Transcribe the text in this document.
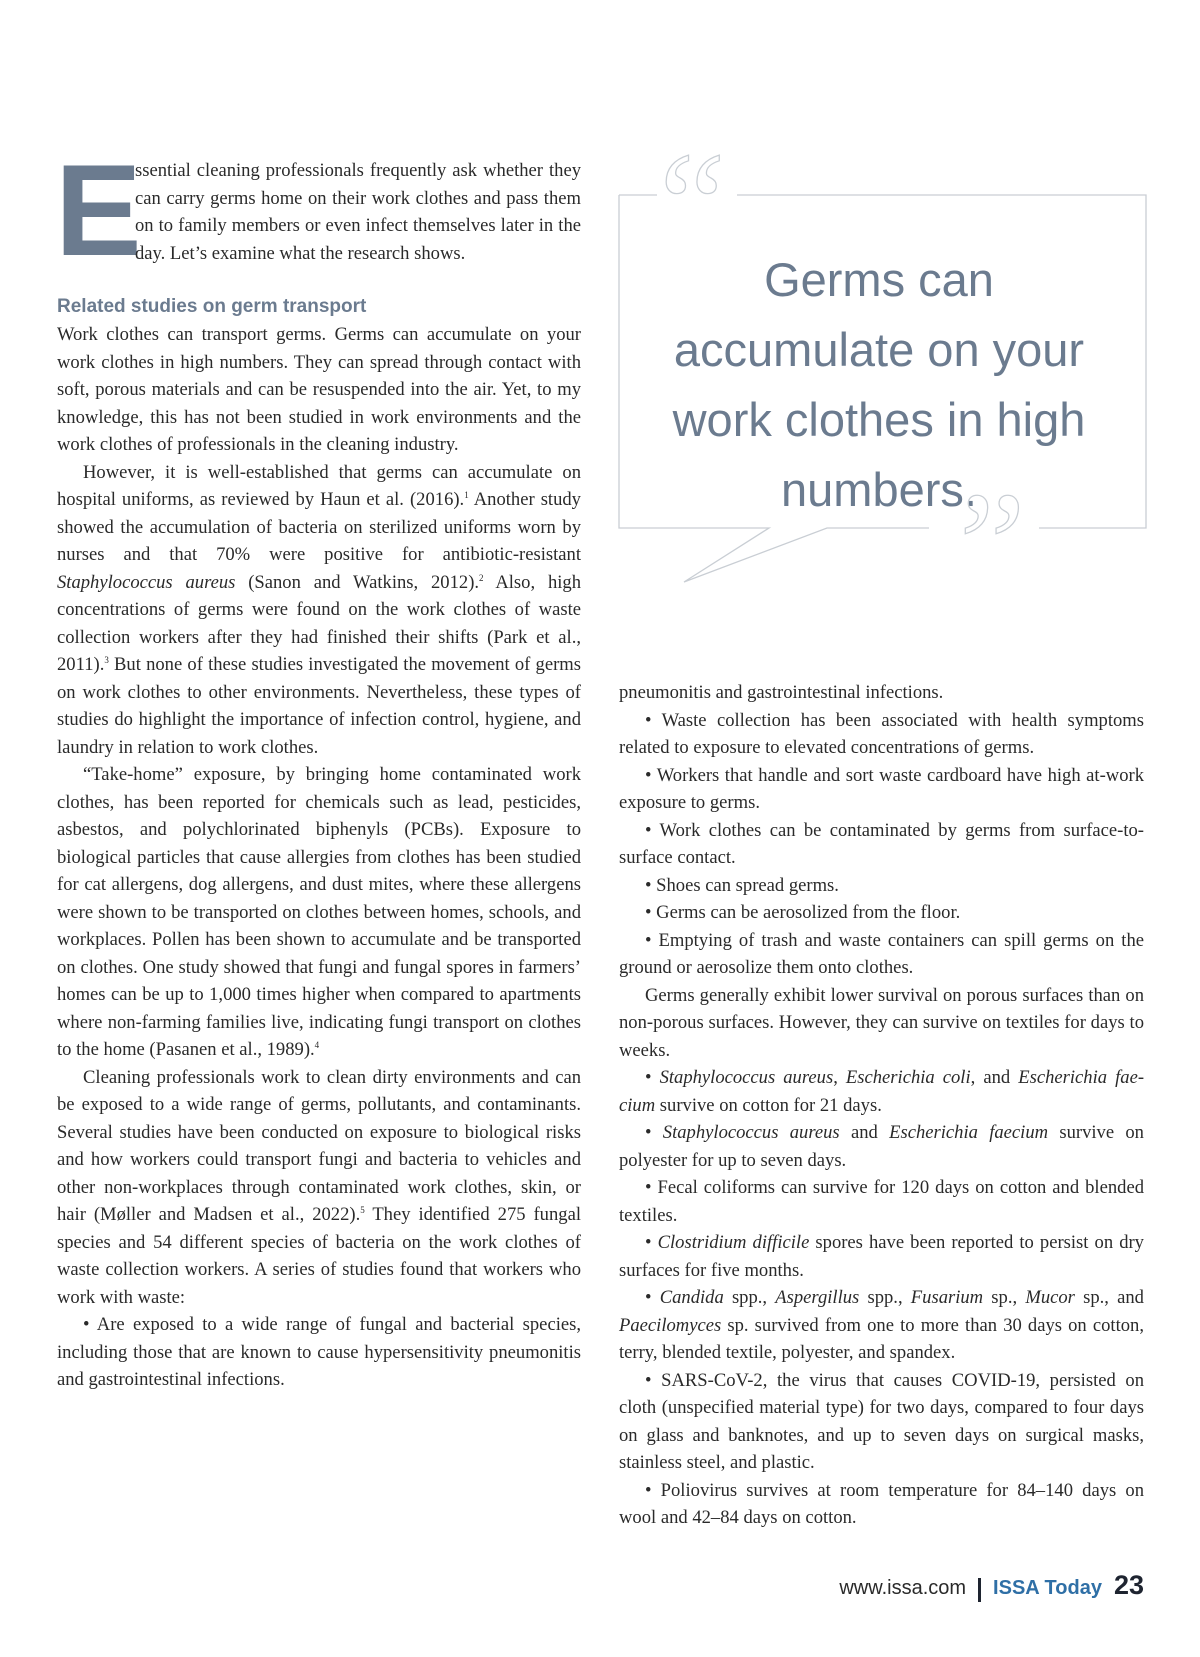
E

ssential cleaning professionals frequently ask whether they can carry germs home on their work clothes and pass them on to family members or even infect themselves later in the day. Let’s examine what the research shows.

Related studies on germ transport

Work clothes can transport germs. Germs can accumulate on your work clothes in high numbers. They can spread through contact with soft, porous materials and can be resuspended into the air. Yet, to my knowledge, this has not been studied in work environments and the work clothes of professionals in the cleaning industry.

However, it is well-established that germs can accumulate on hospital uniforms, as reviewed by Haun et al. (2016).$^1$ Another study showed the accumulation of bacteria on sterilized uniforms worn by nurses and that 70% were positive for antibiotic-resistant Staphylococcus aureus (Sanon and Watkins, 2012).$^2$ Also, high concentrations of germs were found on the work clothes of waste collection workers after they had finished their shifts (Park et al., 2011).$^3$ But none of these studies investigated the movement of germs on work clothes to other environments. Nevertheless, these types of studies do highlight the importance of infection control, hygiene, and laundry in relation to work clothes.

“Take-home” exposure, by bringing home contaminated work clothes, has been reported for chemicals such as lead, pesticides, asbestos, and polychlorinated biphenyls (PCBs). Exposure to biological particles that cause allergies from clothes has been studied for cat allergens, dog allergens, and dust mites, where these allergens were shown to be transported on clothes between homes, schools, and workplaces. Pollen has been shown to accumulate and be transported on clothes. One study showed that fungi and fungal spores in farmers’ homes can be up to 1,000 times higher when compared to apartments where non-farming families live, indicating fungi transport on clothes to the home (Pasanen et al., 1989).$^4$

Cleaning professionals work to clean dirty environments and can be exposed to a wide range of germs, pollutants, and contaminants. Several studies have been conducted on exposure to biological risks and how workers could transport fungi and bacteria to vehicles and other non-workplaces through contaminated work clothes, skin, or hair (Møller and Madsen et al., 2022).$^5$ They identified 275 fungal species and 54 different species of bacteria on the work clothes of waste collection workers. A series of studies found that workers who work with waste:

• Are exposed to a wide range of fungal and bacterial species, including those that are known to cause hypersensitivity pneumonitis and gastrointestinal infections.

“ Germs can accumulate on your work clothes in high numbers.
”

pneumonitis and gastrointestinal infections.

• Waste collection has been associated with health symptoms related to exposure to elevated concentrations of germs.

• Workers that handle and sort waste cardboard have high at-work exposure to germs.

• Work clothes can be contaminated by germs from surface-to-surface contact.

• Shoes can spread germs.

• Germs can be aerosolized from the floor.

• Emptying of trash and waste containers can spill germs on the ground or aerosolize them onto clothes.

Germs generally exhibit lower survival on porous surfaces than on non-porous surfaces. However, they can survive on textiles for days to weeks.

• Staphylococcus aureus, Escherichia coli, and Escherichia faecium survive on cotton for 21 days.

• Staphylococcus aureus and Escherichia faecium survive on polyester for up to seven days.

• Fecal coliforms can survive for 120 days on cotton and blended textiles.

• Clostridium difficile spores have been reported to persist on dry surfaces for five months.

• Candida spp., Aspergillus spp., Fusarium sp., Mucor sp., and Paecilomyces sp. survived from one to more than 30 days on cotton, terry, blended textile, polyester, and spandex.

• SARS-CoV-2, the virus that causes COVID-19, persisted on cloth (unspecified material type) for two days, compared to four days on glass and banknotes, and up to seven days on surgical masks, stainless steel, and plastic.

• Poliovirus survives at room temperature for 84–140 days on wool and 42–84 days on cotton.

www.issa.com ISSA Today 23
